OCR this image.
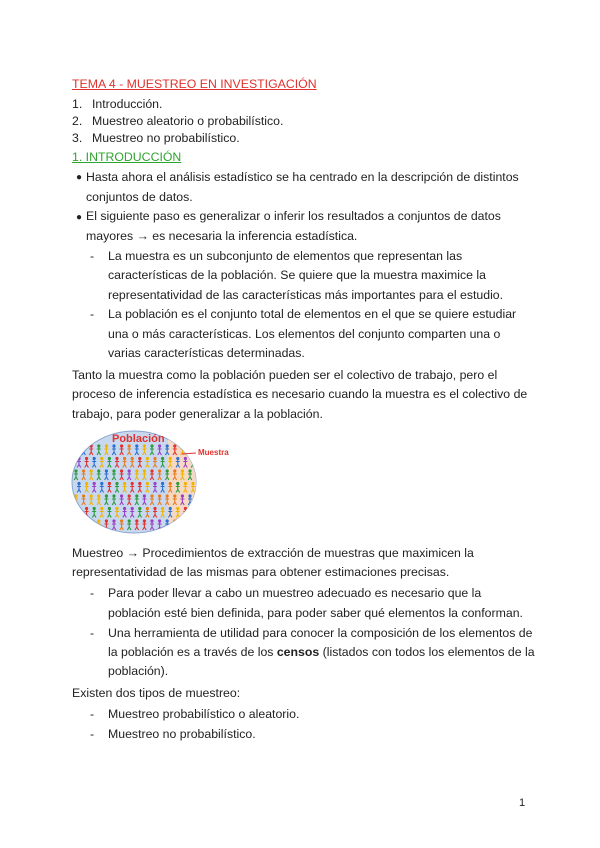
TEMA 4 - MUESTREO EN INVESTIGACIÓN
1. Introducción.
2. Muestreo aleatorio o probabilístico.
3. Muestreo no probabilístico.
1. INTRODUCCIÓN
● Hasta ahora el análisis estadístico se ha centrado en la descripción de distintos
conjuntos de datos.
● El siguiente paso es generalizar o inferir los resultados a conjuntos de datos
mayores → es necesaria la inferencia estadística.
- La muestra es un subconjunto de elementos que representan las
características de la población. Se quiere que la muestra maximice la
representatividad de las características más importantes para el estudio.
- La población es el conjunto total de elementos en el que se quiere estudiar
una o más características. Los elementos del conjunto comparten una o
varias características determinadas.
Tanto la muestra como la población pueden ser el colectivo de trabajo, pero el
proceso de inferencia estadística es necesario cuando la muestra es el colectivo de
trabajo, para poder generalizar a la población.
Población
Muestra
Muestreo → Procedimientos de extracción de muestras que maximicen la
representatividad de las mismas para obtener estimaciones precisas.
- Para poder llevar a cabo un muestreo adecuado es necesario que la
población esté bien definida, para poder saber qué elementos la conforman.
- Una herramienta de utilidad para conocer la composición de los elementos de
la población es a través de los censos (listados con todos los elementos de la
población).
Existen dos tipos de muestreo:
- Muestreo probabilístico o aleatorio.
- Muestreo no probabilístico.
1
